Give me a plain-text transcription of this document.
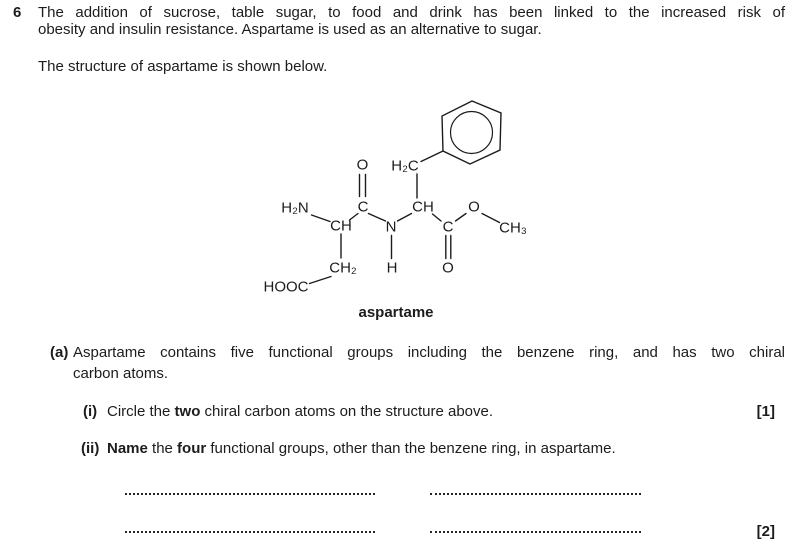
6 The addition of sucrose, table sugar, to food and drink has been linked to the increased risk of
obesity and insulin resistance. Aspartame is used as an alternative to sugar.
The structure of aspartame is shown below.
O H₂C
H₂N	C	CH O
CH N	C	CH₃
CH₂ H	O
HOOC
aspartame
(a) Aspartame contains five functional groups including the benzene ring, and has two chiral
carbon atoms.
(i) Circle the two chiral carbon atoms on the structure above.	[1]
(ii) Name the four functional groups, other than the benzene ring, in aspartame.
[2]
